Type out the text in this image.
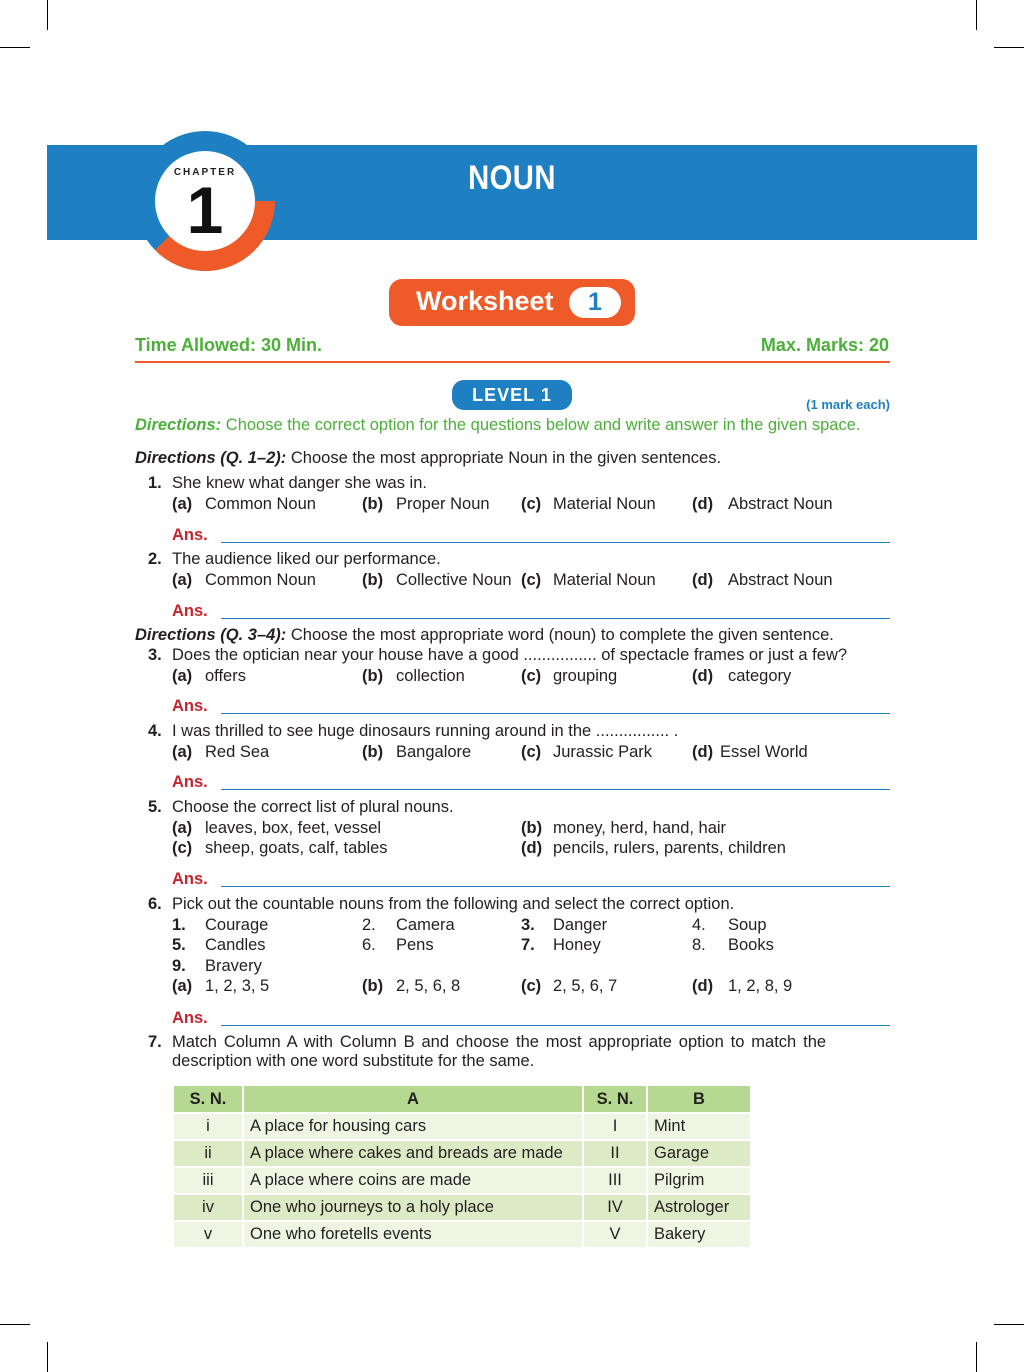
NOUN
CHAPTER
1
Worksheet	1
Time Allowed: 30 Min.	Max. Marks: 20
LEVEL 1	(1 mark each)
Directions: Choose the correct option for the questions below and write answer in the given space.
Directions (Q. 1–2): Choose the most appropriate Noun in the given sentences.
1. She knew what danger she was in.
(a) Common Noun	(b) Proper Noun (c) Material Noun (d) Abstract Noun
Ans.
2. The audience liked our performance.
(a) Common Noun	(b) Collective Noun (c) Material Noun (d) Abstract Noun
Ans.
Directions (Q. 3–4): Choose the most appropriate word (noun) to complete the given sentence.
3. Does the optician near your house have a good ................ of spectacle frames or just a few?
(a) offers	(b) collection	(c) grouping	(d) category
Ans.
4. I was thrilled to see huge dinosaurs running around in the ................ .
(a) Red Sea	(b) Bangalore	(c) Jurassic Park (d) Essel World
Ans.
5. Choose the correct list of plural nouns.
(a) leaves, box, feet, vessel	(b) money, herd, hand, hair
(c) sheep, goats, calf, tables	(d) pencils, rulers, parents, children
Ans.
6. Pick out the countable nouns from the following and select the correct option.
1. Courage	2. Camera	3. Danger	4. Soup
5. Candles	6. Pens	7. Honey	8. Books
9. Bravery
(a) 1, 2, 3, 5	(b) 2, 5, 6, 8	(c) 2, 5, 6, 7	(d) 1, 2, 8, 9
Ans.
7. Match Column A with Column B and choose the most appropriate option to match the
description with one word substitute for the same.
S. N.	A	S. N.	B
i	A place for housing cars	I	Mint
ii	A place where cakes and breads are made	II	Garage
iii	A place where coins are made	III	Pilgrim
iv	One who journeys to a holy place	IV	Astrologer
v	One who foretells events	V	Bakery
